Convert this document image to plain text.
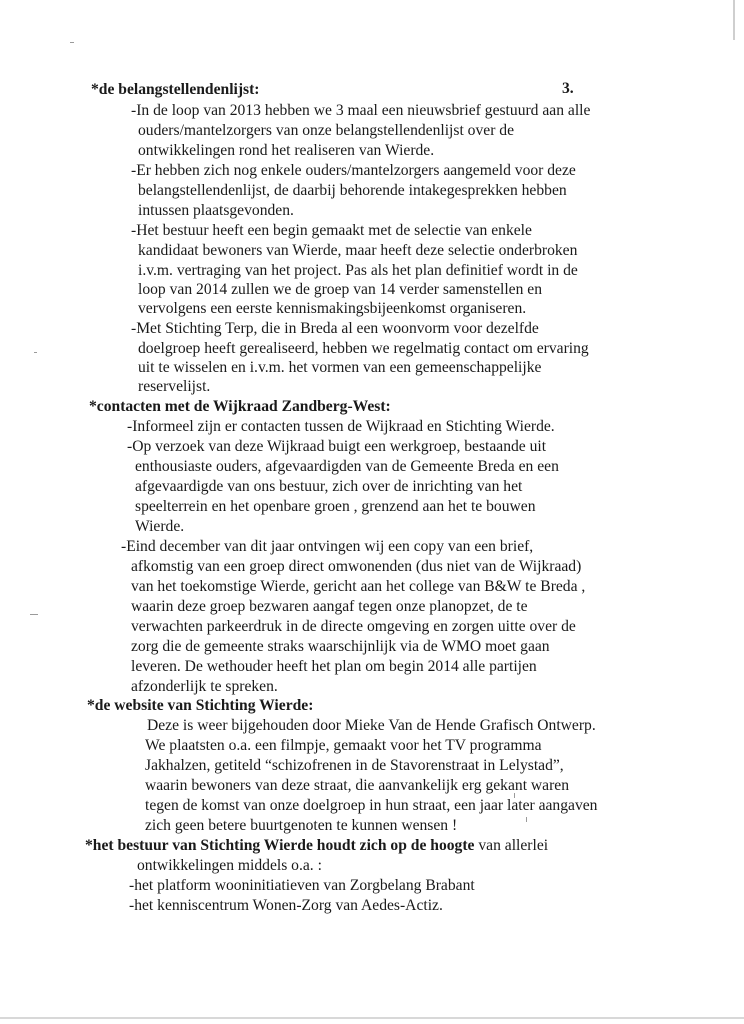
*de belangstellendenlijst:	3.
-In de loop van 2013 hebben we 3 maal een nieuwsbrief gestuurd aan alle
ouders/mantelzorgers van onze belangstellendenlijst over de
ontwikkelingen rond het realiseren van Wierde.
-Er hebben zich nog enkele ouders/mantelzorgers aangemeld voor deze
belangstellendenlijst, de daarbij behorende intakegesprekken hebben
intussen plaatsgevonden.
-Het bestuur heeft een begin gemaakt met de selectie van enkele
kandidaat bewoners van Wierde, maar heeft deze selectie onderbroken
i.v.m. vertraging van het project. Pas als het plan definitief wordt in de
loop van 2014 zullen we de groep van 14 verder samenstellen en
vervolgens een eerste kennismakingsbijeenkomst organiseren.
-Met Stichting Terp, die in Breda al een woonvorm voor dezelfde
doelgroep heeft gerealiseerd, hebben we regelmatig contact om ervaring
uit te wisselen en i.v.m. het vormen van een gemeenschappelijke
reservelijst.
*contacten met de Wijkraad Zandberg-West:
-Informeel zijn er contacten tussen de Wijkraad en Stichting Wierde.
-Op verzoek van deze Wijkraad buigt een werkgroep, bestaande uit
enthousiaste ouders, afgevaardigden van de Gemeente Breda en een
afgevaardigde van ons bestuur, zich over de inrichting van het
speelterrein en het openbare groen , grenzend aan het te bouwen
Wierde.
-Eind december van dit jaar ontvingen wij een copy van een brief,
afkomstig van een groep direct omwonenden (dus niet van de Wijkraad)
van het toekomstige Wierde, gericht aan het college van B&W te Breda ,
waarin deze groep bezwaren aangaf tegen onze planopzet, de te
verwachten parkeerdruk in de directe omgeving en zorgen uitte over de
zorg die de gemeente straks waarschijnlijk via de WMO moet gaan
leveren. De wethouder heeft het plan om begin 2014 alle partijen
afzonderlijk te spreken.
*de website van Stichting Wierde:
Deze is weer bijgehouden door Mieke Van de Hende Grafisch Ontwerp.
We plaatsten o.a. een filmpje, gemaakt voor het TV programma
Jakhalzen, getiteld “schizofrenen in de Stavorenstraat in Lelystad”,
waarin bewoners van deze straat, die aanvankelijk erg gekant waren
tegen de komst van onze doelgroep in hun straat, een jaar later aangaven
zich geen betere buurtgenoten te kunnen wensen !
*het bestuur van Stichting Wierde houdt zich op de hoogte van allerlei
ontwikkelingen middels o.a. :
-het platform wooninitiatieven van Zorgbelang Brabant
-het kenniscentrum Wonen-Zorg van Aedes-Actiz.
